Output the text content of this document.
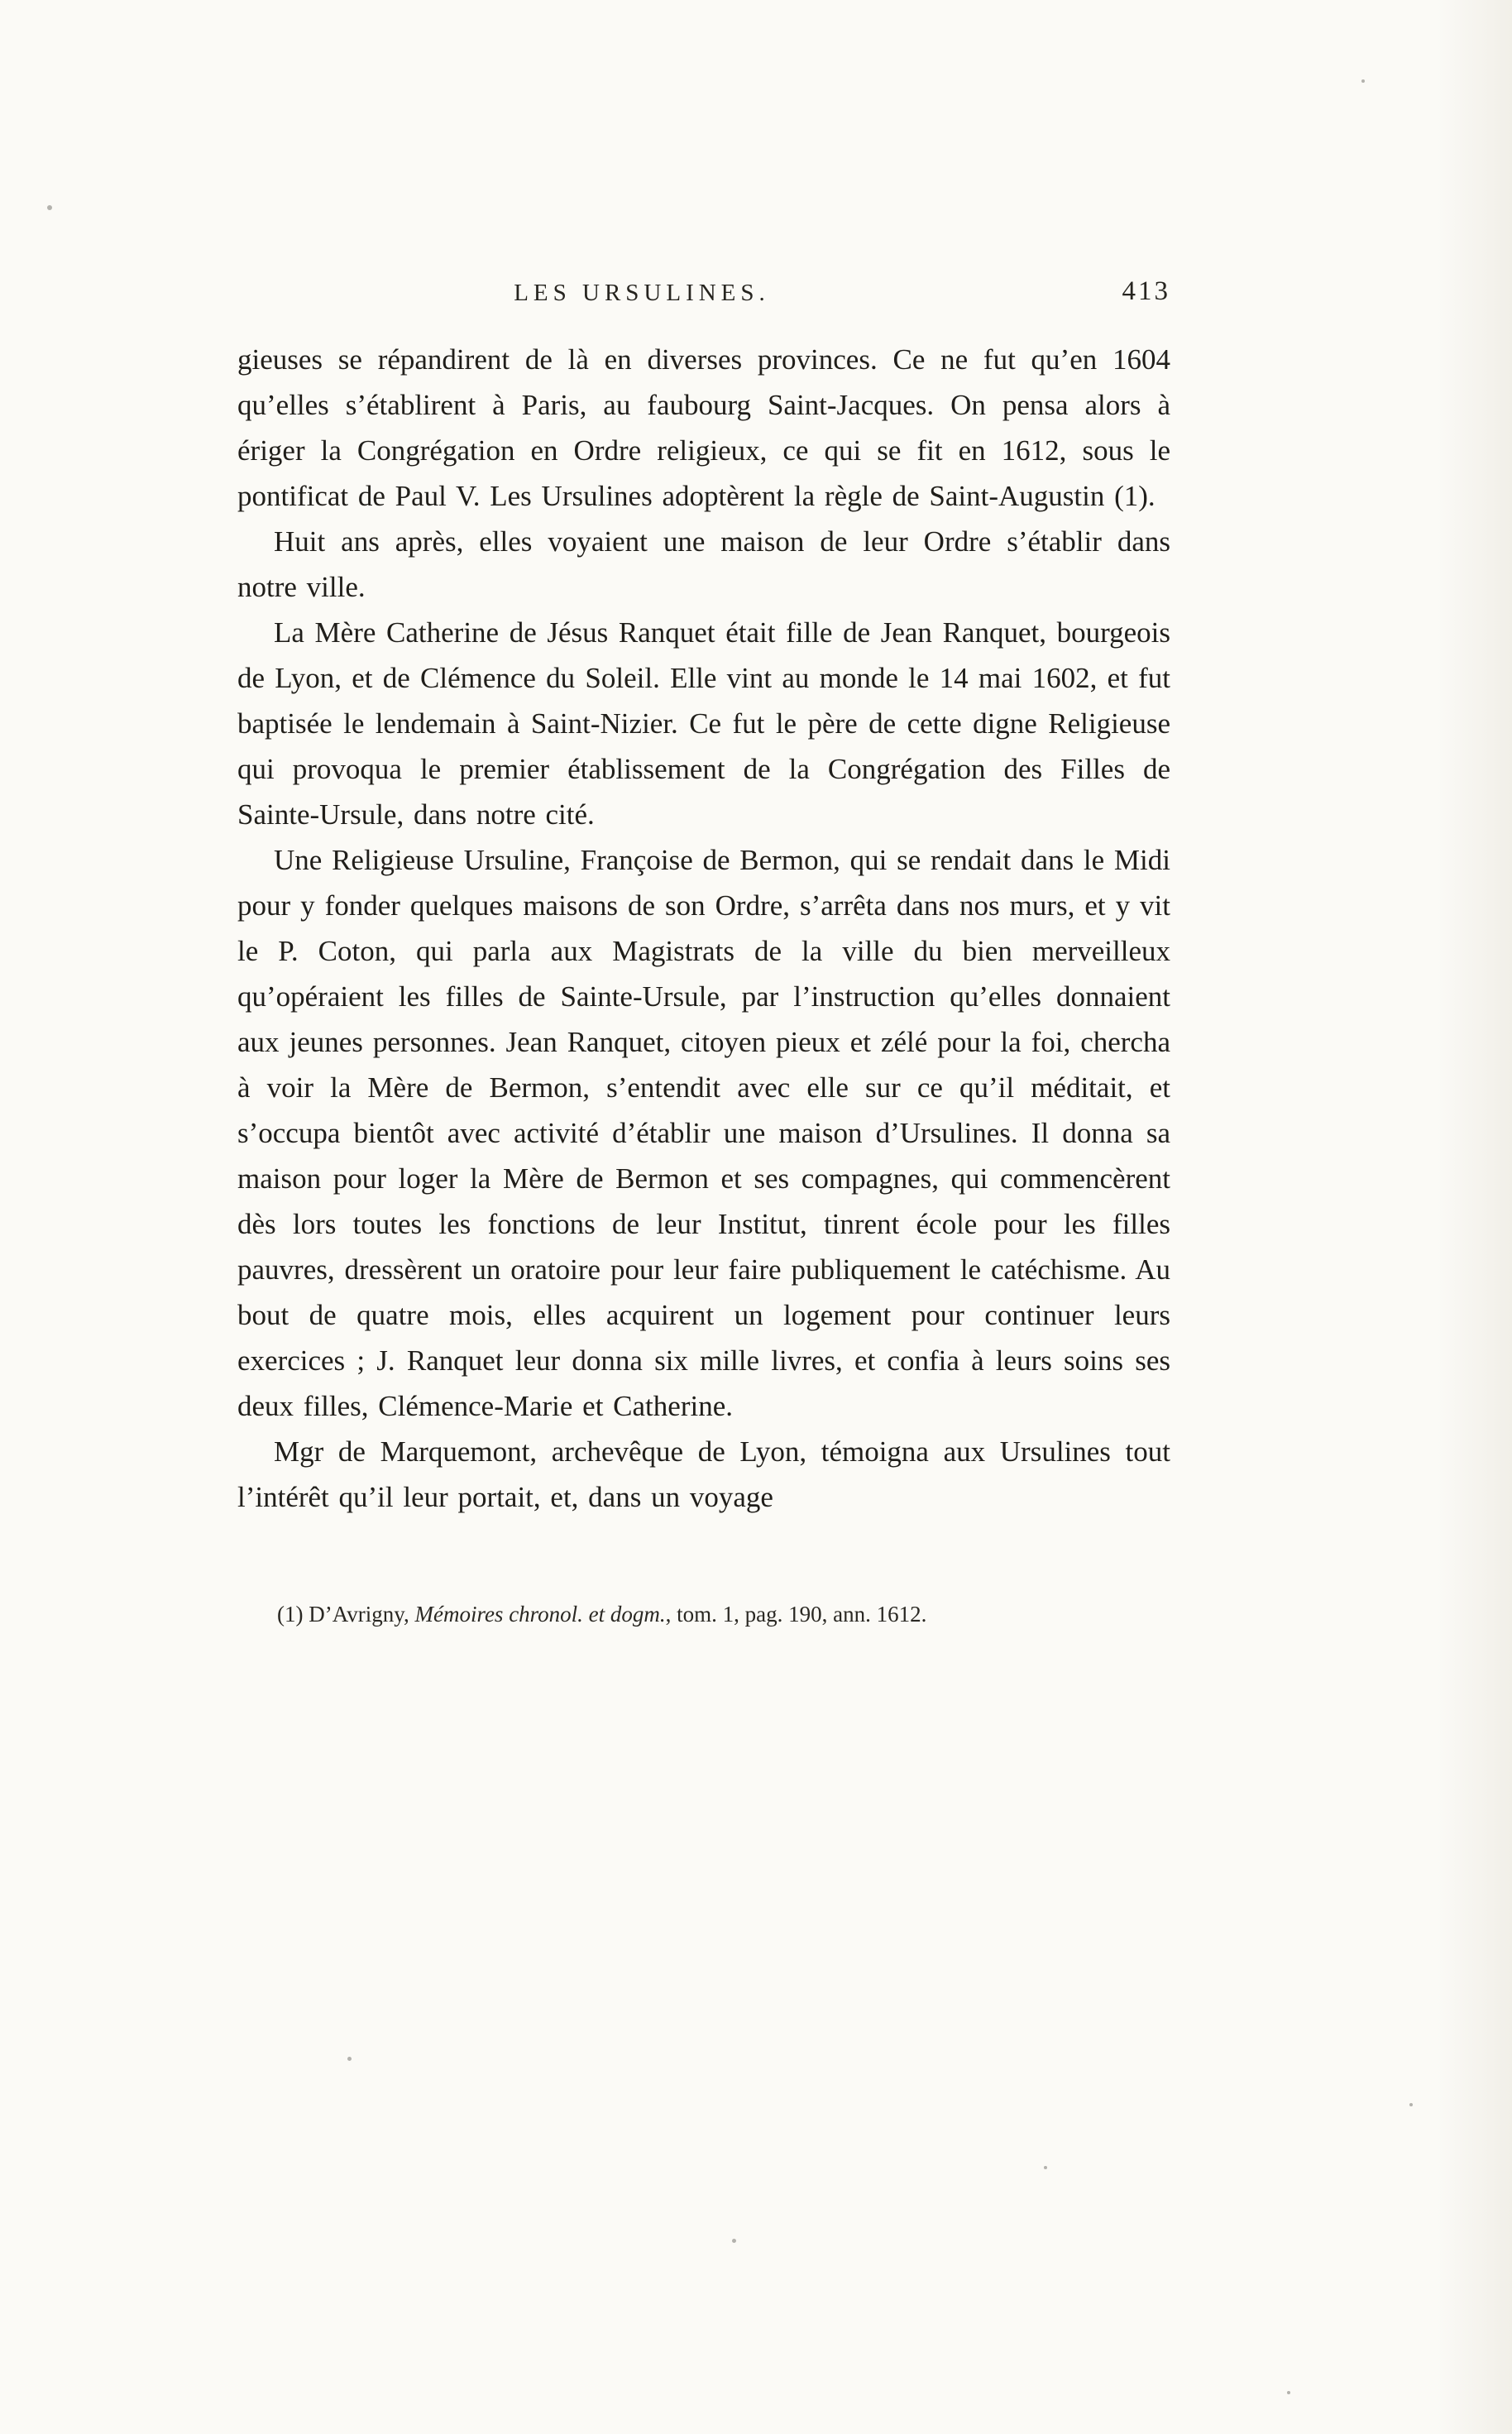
LES URSULINES.	413

gieuses se répandirent de là en diverses provinces. Ce ne fut qu’en 1604 qu’elles s’établirent à Paris, au faubourg Saint-Jacques. On pensa alors à ériger la Congrégation en Ordre religieux, ce qui se fit en 1612, sous le pontificat de Paul V. Les Ursulines adoptèrent la règle de Saint-Augustin (1).

Huit ans après, elles voyaient une maison de leur Ordre s’établir dans notre ville.

La Mère Catherine de Jésus Ranquet était fille de Jean Ranquet, bourgeois de Lyon, et de Clémence du Soleil. Elle vint au monde le 14 mai 1602, et fut baptisée le lendemain à Saint-Nizier. Ce fut le père de cette digne Religieuse qui provoqua le premier établissement de la Congrégation des Filles de Sainte-Ursule, dans notre cité.

Une Religieuse Ursuline, Françoise de Bermon, qui se rendait dans le Midi pour y fonder quelques maisons de son Ordre, s’arrêta dans nos murs, et y vit le P. Coton, qui parla aux Magistrats de la ville du bien merveilleux qu’opéraient les filles de Sainte-Ursule, par l’instruction qu’elles donnaient aux jeunes personnes. Jean Ranquet, citoyen pieux et zélé pour la foi, chercha à voir la Mère de Bermon, s’entendit avec elle sur ce qu’il méditait, et s’occupa bientôt avec activité d’établir une maison d’Ursulines. Il donna sa maison pour loger la Mère de Bermon et ses compagnes, qui commencèrent dès lors toutes les fonctions de leur Institut, tinrent école pour les filles pauvres, dressèrent un oratoire pour leur faire publiquement le catéchisme. Au bout de quatre mois, elles acquirent un logement pour continuer leurs exercices ; J. Ranquet leur donna six mille livres, et confia à leurs soins ses deux filles, Clémence-Marie et Catherine.

Mgr de Marquemont, archevêque de Lyon, témoigna aux Ursulines tout l’intérêt qu’il leur portait, et, dans un voyage

(1) D’Avrigny, Mémoires chronol. et dogm., tom. 1, pag. 190, ann. 1612.
